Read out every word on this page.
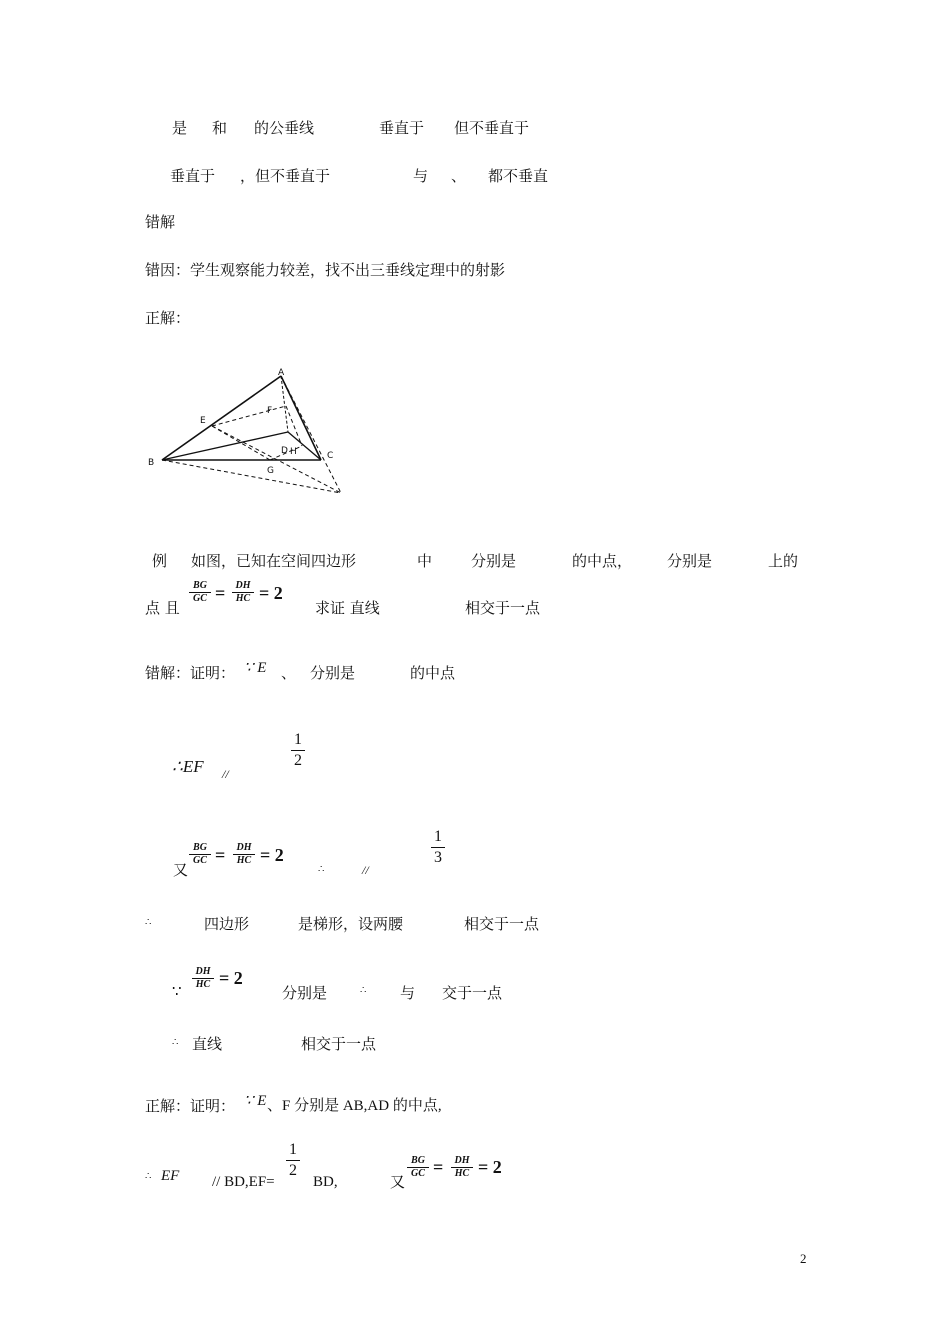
是 和 的公垂线	垂直于 但不垂直于
垂直于 ，但不垂直于	与 、 都不垂直
错解
错因：学生观察能力较差，找不出三垂线定理中的射影
正解：
A
E
F
B
D H	C
G
例 如图，已知在空间四边形	中	分别是	的中点， 分别是	上的
点 且
BG
GC =	DH
HC = 2
求证 直线	相交于一点
错解：证明： ∵ E 、 分别是	的中点
∴EF //
1
2
又
BG
GC =	DH
HC = 2
∴	//
1
3
∴	四边形	是梯形，设两腰	相交于一点
∵
DH
HC = 2
分别是	∴ 与 交于一点
∴ 直线	相交于一点
正解：证明： ∵ E 、F 分别是 AB,AD 的中点,
∴ EF // BD,EF=
1
2
BD,	又
BG
GC =	DH
HC = 2
2
